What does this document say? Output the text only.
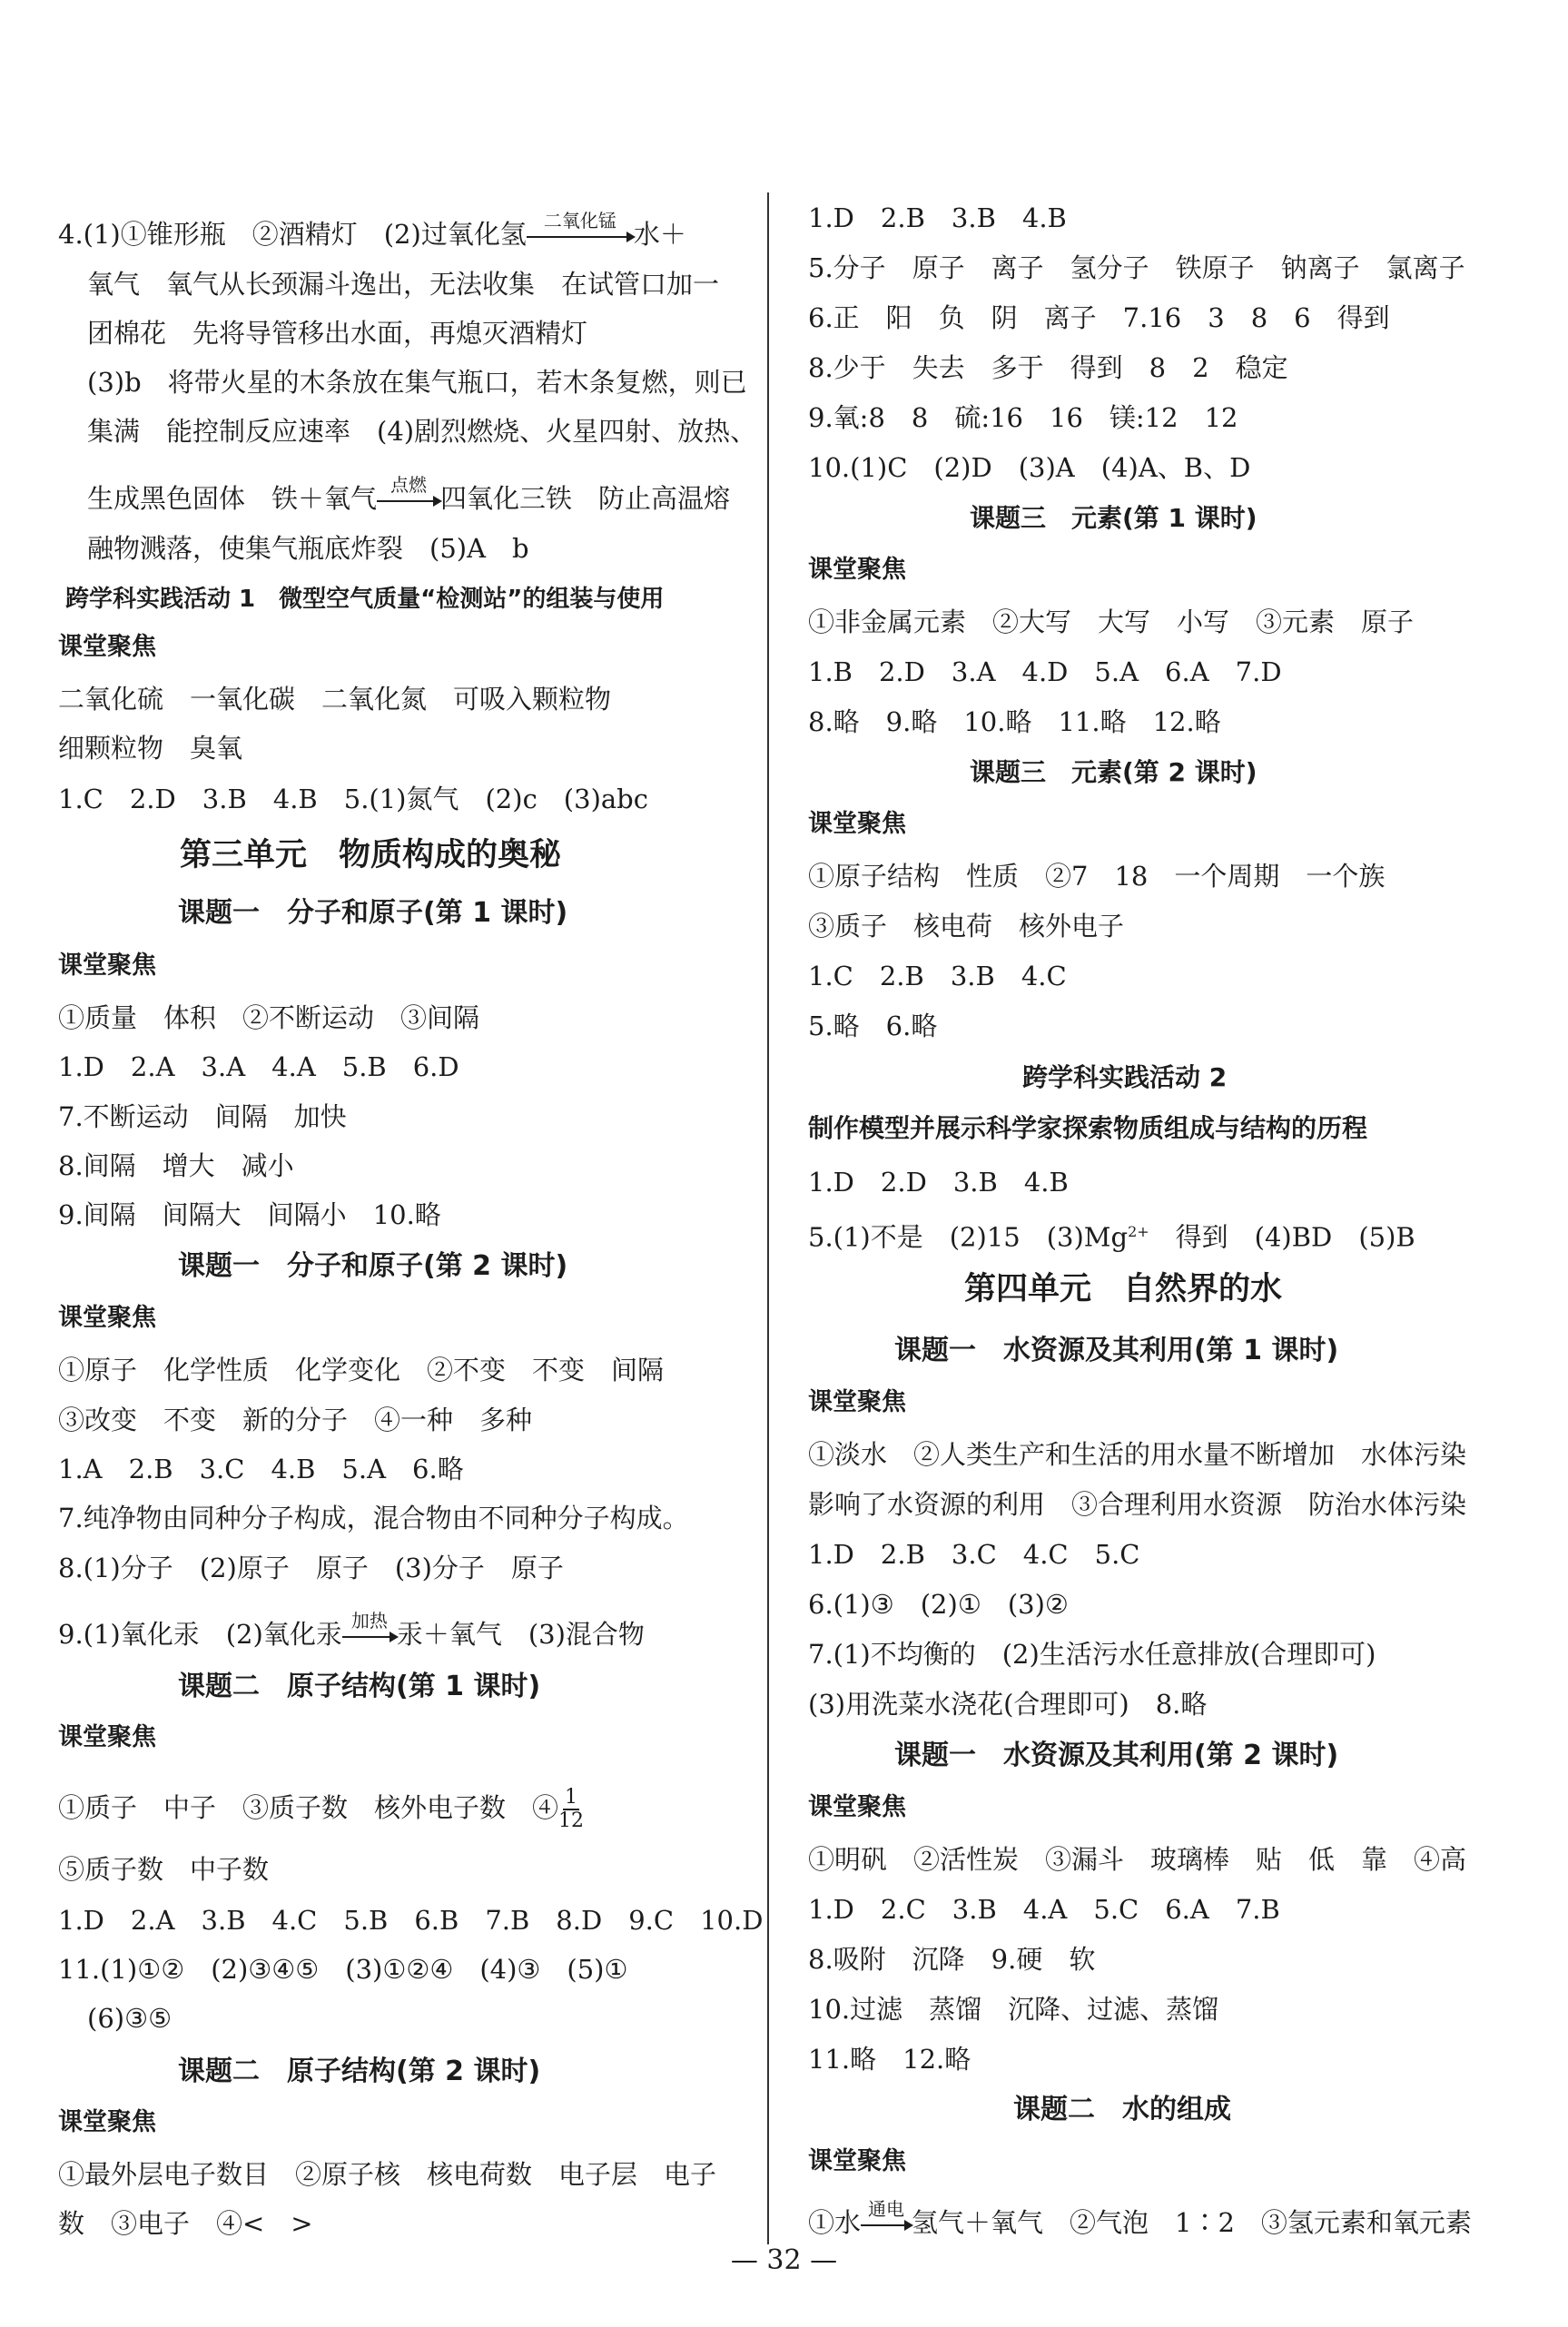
4.(1)①锥形瓶　②酒精灯　(2)过氧化氢 二氧化锰 水＋
氧气　氧气从长颈漏斗逸出，无法收集　在试管口加一
团棉花　先将导管移出水面，再熄灭酒精灯
(3)b　将带火星的木条放在集气瓶口，若木条复燃，则已
集满　能控制反应速率　(4)剧烈燃烧、火星四射、放热、
生成黑色固体　铁＋氧气 点燃 四氧化三铁　防止高温熔
融物溅落，使集气瓶底炸裂　(5)A　b
跨学科实践活动 1　微型空气质量“检测站”的组装与使用
课堂聚焦
二氧化硫　一氧化碳　二氧化氮　可吸入颗粒物
细颗粒物　臭氧
1.C　2.D　3.B　4.B　5.(1)氮气　(2)c　(3)abc
第三单元　物质构成的奥秘
课题一　分子和原子(第 1 课时)
课堂聚焦
①质量　体积　②不断运动　③间隔
1.D　2.A　3.A　4.A　5.B　6.D
7.不断运动　间隔　加快
8.间隔　增大　减小
9.间隔　间隔大　间隔小　10.略
课题一　分子和原子(第 2 课时)
课堂聚焦
①原子　化学性质　化学变化　②不变　不变　间隔
③改变　不变　新的分子　④一种　多种
1.A　2.B　3.C　4.B　5.A　6.略
7.纯净物由同种分子构成，混合物由不同种分子构成。
8.(1)分子　(2)原子　原子　(3)分子　原子
9.(1)氧化汞　(2)氧化汞 加热 汞＋氧气　(3)混合物
课题二　原子结构(第 1 课时)
课堂聚焦
①质子　中子　③质子数　核外电子数　④ $\frac{1}{12}$
⑤质子数　中子数
1.D　2.A　3.B　4.C　5.B　6.B　7.B　8.D　9.C　10.D
11.(1)①②　(2)③④⑤　(3)①②④　(4)③　(5)①
(6)③⑤
课题二　原子结构(第 2 课时)
课堂聚焦
①最外层电子数目　②原子核　核电荷数　电子层　电子
数　③电子　④<　>
1.D　2.B　3.B　4.B
5.分子　原子　离子　氢分子　铁原子　钠离子　氯离子
6.正　阳　负　阴　离子　7.16　3　8　6　得到
8.少于　失去　多于　得到　8　2　稳定
9.氧:8　8　硫:16　16　镁:12　12
10.(1)C　(2)D　(3)A　(4)A、B、D
课题三　元素(第 1 课时)
课堂聚焦
①非金属元素　②大写　大写　小写　③元素　原子
1.B　2.D　3.A　4.D　5.A　6.A　7.D
8.略　9.略　10.略　11.略　12.略
课题三　元素(第 2 课时)
课堂聚焦
①原子结构　性质　②7　18　一个周期　一个族
③质子　核电荷　核外电子
1.C　2.B　3.B　4.C
5.略　6.略
跨学科实践活动 2
制作模型并展示科学家探索物质组成与结构的历程
1.D　2.D　3.B　4.B
5.(1)不是　(2)15　$(3)Mg^{2+}$　得到　(4)BD　(5)B
第四单元　自然界的水
课题一　水资源及其利用(第 1 课时)
课堂聚焦
①淡水　②人类生产和生活的用水量不断增加　水体污染
影响了水资源的利用　③合理利用水资源　防治水体污染
1.D　2.B　3.C　4.C　5.C
6.(1)③　(2)①　(3)②
7.(1)不均衡的　(2)生活污水任意排放(合理即可)
(3)用洗菜水浇花(合理即可)　8.略
课题一　水资源及其利用(第 2 课时)
课堂聚焦
①明矾　②活性炭　③漏斗　玻璃棒　贴　低　靠　④高
1.D　2.C　3.B　4.A　5.C　6.A　7.B
8.吸附　沉降　9.硬　软
10.过滤　蒸馏　沉降、过滤、蒸馏
11.略　12.略
课题二　水的组成
课堂聚焦
①水 通电 氢气＋氧气　②气泡　1∶2　③氢元素和氧元素
— 32 —
